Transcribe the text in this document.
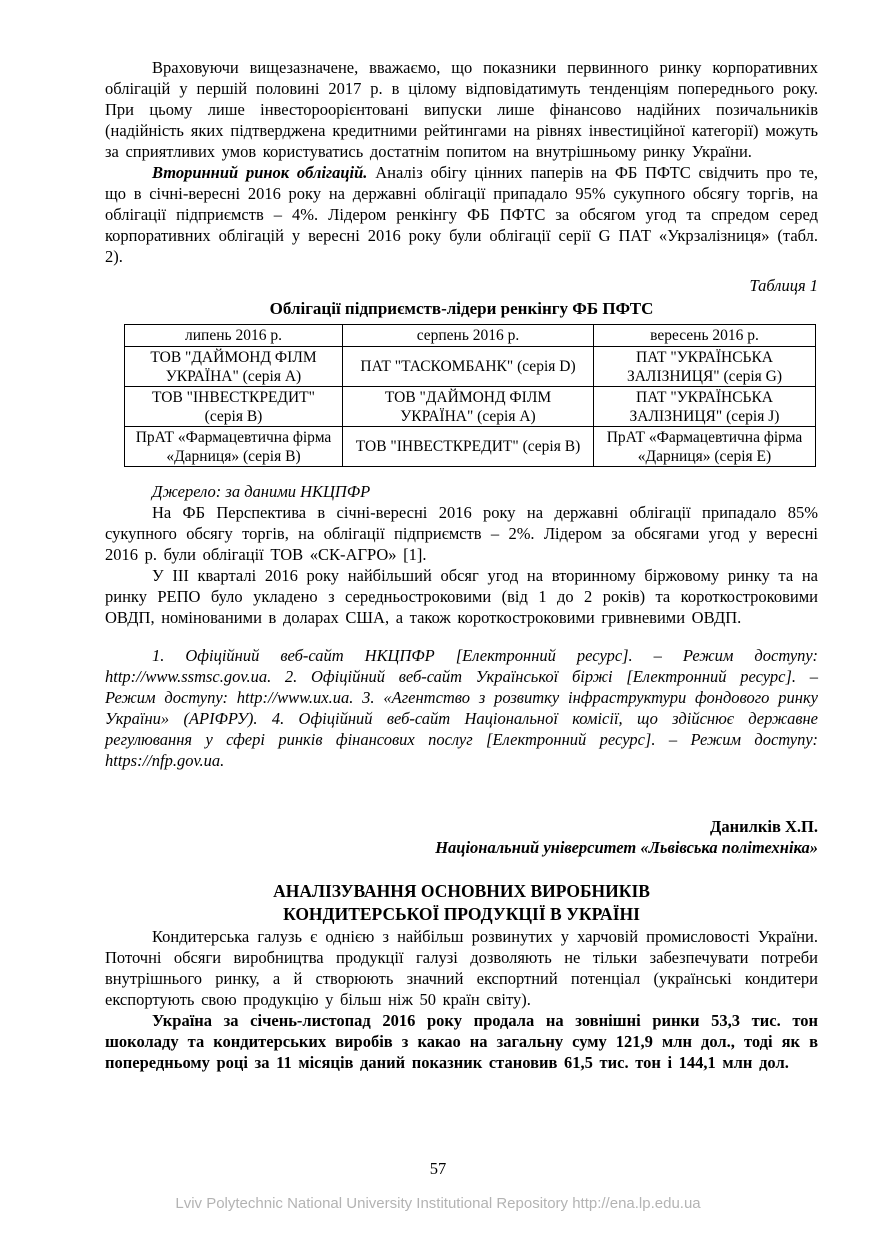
Враховуючи вищезазначене, вважаємо, що показники первинного ринку корпоративних облігацій у першій половині 2017 р. в цілому відповідатимуть тенденціям попереднього року. При цьому лише інвестороорієнтовані випуски лише фінансово надійних позичальників (надійність яких підтверджена кредитними рейтингами на рівнях інвестиційної категорії) можуть за сприятливих умов користуватись достатнім попитом на внутрішньому ринку України.

Вторинний ринок облігацій. Аналіз обігу цінних паперів на ФБ ПФТС свідчить про те, що в січні-вересні 2016 року на державні облігації припадало 95% сукупного обсягу торгів, на облігації підприємств – 4%. Лідером ренкінгу ФБ ПФТС за обсягом угод та спредом серед корпоративних облігацій у вересні 2016 року були облігації серії G ПАТ «Укрзалізниця» (табл. 2).

Таблиця 1

Облігації підприємств-лідери ренкінгу ФБ ПФТС

липень 2016 р.	серпень 2016 р.	вересень 2016 р.
ТОВ "ДАЙМОНД ФІЛМ УКРАЇНА" (серія A)	ПАТ "ТАСКОМБАНК" (серія D)	ПАТ "УКРАЇНСЬКА ЗАЛІЗНИЦЯ" (серія G)
ТОВ "ІНВЕСТКРЕДИТ" (серія B)	ТОВ "ДАЙМОНД ФІЛМ УКРАЇНА" (серія A)	ПАТ "УКРАЇНСЬКА ЗАЛІЗНИЦЯ" (серія J)
ПрАТ «Фармацевтична фірма «Дарниця» (серія B)	ТОВ "ІНВЕСТКРЕДИТ" (серія B)	ПрАТ «Фармацевтична фірма «Дарниця» (серія E)

Джерело: за даними НКЦПФР

На ФБ Перспектива в січні-вересні 2016 року на державні облігації припадало 85% сукупного обсягу торгів, на облігації підприємств – 2%. Лідером за обсягами угод у вересні 2016 р. були облігації ТОВ «СК-АГРО» [1].

У ІІІ кварталі 2016 року найбільший обсяг угод на вторинному біржовому ринку та на ринку РЕПО було укладено з середньостроковими (від 1 до 2 років) та короткостроковими ОВДП, номінованими в доларах США, а також короткостроковими гривневими ОВДП.

1. Офіційний веб-сайт НКЦПФР [Електронний ресурс]. – Режим доступу: http://www.ssmsc.gov.ua. 2. Офіційний веб-сайт Української біржі [Електронний ресурс]. – Режим доступу: http://www.ux.ua. 3. «Агентство з розвитку інфраструктури фондового ринку України» (АРІФРУ). 4. Офіційний веб-сайт Національної комісії, що здійснює державне регулювання у сфері ринків фінансових послуг [Електронний ресурс]. – Режим доступу: https://nfp.gov.ua.

Данилків Х.П.

Національний університет «Львівська політехніка»

АНАЛІЗУВАННЯ ОСНОВНИХ ВИРОБНИКІВ
КОНДИТЕРСЬКОЇ ПРОДУКЦІЇ В УКРАЇНІ

Кондитерська галузь є однією з найбільш розвинутих у харчовій промисловості України. Поточні обсяги виробництва продукції галузі дозволяють не тільки забезпечувати потреби внутрішнього ринку, а й створюють значний експортний потенціал (українські кондитери експортують свою продукцію у більш ніж 50 країн світу).

Україна за січень-листопад 2016 року продала на зовнішні ринки 53,3 тис. тон шоколаду та кондитерських виробів з какао на загальну суму 121,9 млн дол., тоді як в попередньому році за 11 місяців даний показник становив 61,5 тис. тон і 144,1 млн дол.

57
Lviv Polytechnic National University Institutional Repository http://ena.lp.edu.ua
